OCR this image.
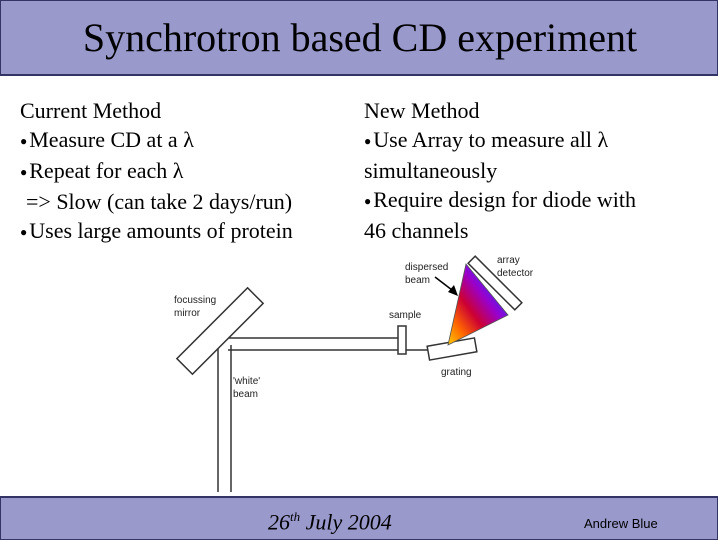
Synchrotron based CD experiment
Current Method
●Measure CD at a λ
●Repeat for each λ
=> Slow (can take 2 days/run)
●Uses large amounts of protein
New Method
●Use Array to measure all λ
simultaneously
●Require design for diode with
46 channels
focussing
mirror
'white'
beam
sample
dispersed
beam
array
detector
grating
26th July 2004	Andrew Blue
